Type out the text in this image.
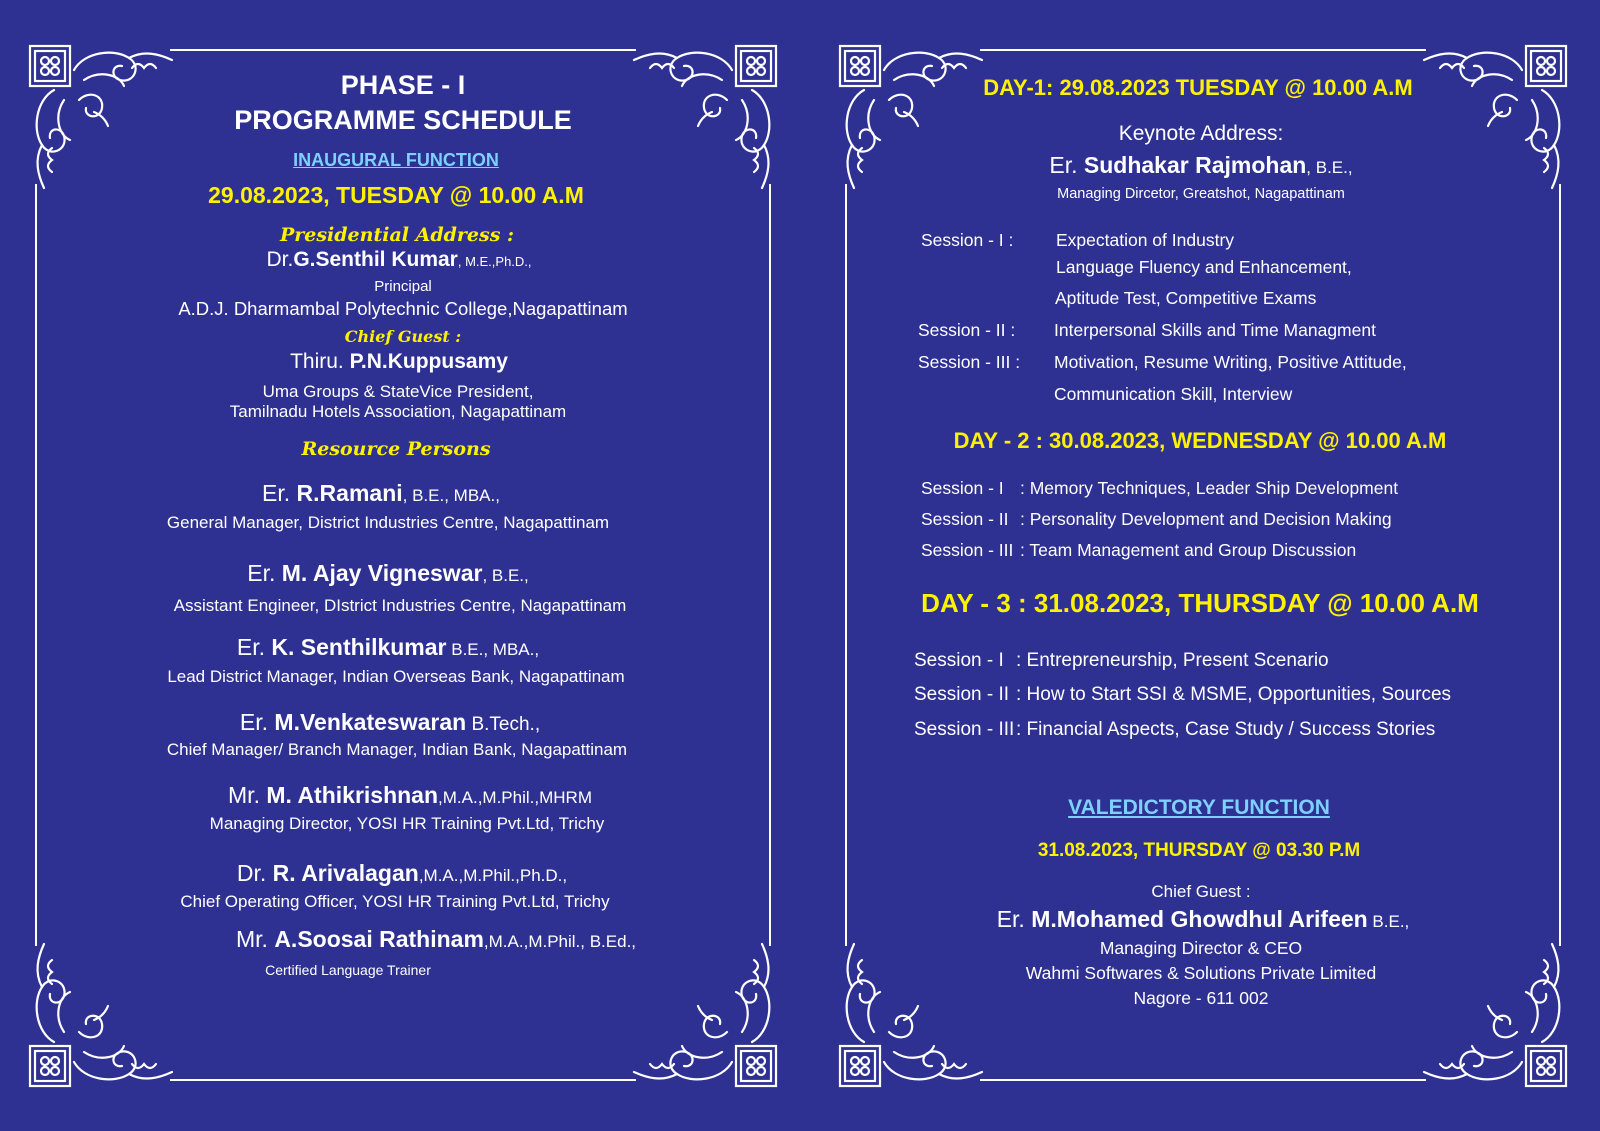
PHASE - I
PROGRAMME SCHEDULE
INAUGURAL FUNCTION
29.08.2023, TUESDAY @ 10.00 A.M
Presidential Address :
Dr.G.Senthil Kumar, M.E.,Ph.D.,
Principal
A.D.J. Dharmambal Polytechnic College,Nagapattinam
Chief Guest :
Thiru. P.N.Kuppusamy
Uma Groups & StateVice President,
Tamilnadu Hotels Association, Nagapattinam
Resource Persons
Er. R.Ramani, B.E., MBA.,
General Manager, District Industries Centre, Nagapattinam
Er. M. Ajay Vigneswar, B.E.,
Assistant Engineer, DIstrict Industries Centre, Nagapattinam
Er. K. Senthilkumar B.E., MBA.,
Lead District Manager, Indian Overseas Bank, Nagapattinam
Er. M.Venkateswaran B.Tech.,
Chief Manager/ Branch Manager, Indian Bank, Nagapattinam
Mr. M. Athikrishnan,M.A.,M.Phil.,MHRM
Managing Director, YOSI HR Training Pvt.Ltd, Trichy
Dr. R. Arivalagan,M.A.,M.Phil.,Ph.D.,
Chief Operating Officer, YOSI HR Training Pvt.Ltd, Trichy
Mr. A.Soosai Rathinam,M.A.,M.Phil., B.Ed.,
Certified Language Trainer
DAY-1: 29.08.2023 TUESDAY @ 10.00 A.M
Keynote Address:
Er. Sudhakar Rajmohan, B.E.,
Managing Dircetor, Greatshot, Nagapattinam
Session - I : Expectation of Industry
Language Fluency and Enhancement,
Aptitude Test, Competitive Exams
Session - II : Interpersonal Skills and Time Managment
Session - III : Motivation, Resume Writing, Positive Attitude,
Communication Skill, Interview
DAY - 2 : 30.08.2023, WEDNESDAY @ 10.00 A.M
Session - I : Memory Techniques, Leader Ship Development
Session - II : Personality Development and Decision Making
Session - III : Team Management and Group Discussion
DAY - 3 : 31.08.2023, THURSDAY @ 10.00 A.M
Session - I : Entrepreneurship, Present Scenario
Session - II : How to Start SSI & MSME, Opportunities, Sources
Session - III : Financial Aspects, Case Study / Success Stories
VALEDICTORY FUNCTION
31.08.2023, THURSDAY @ 03.30 P.M
Chief Guest :
Er. M.Mohamed Ghowdhul Arifeen B.E.,
Managing Director & CEO
Wahmi Softwares & Solutions Private Limited
Nagore - 611 002
